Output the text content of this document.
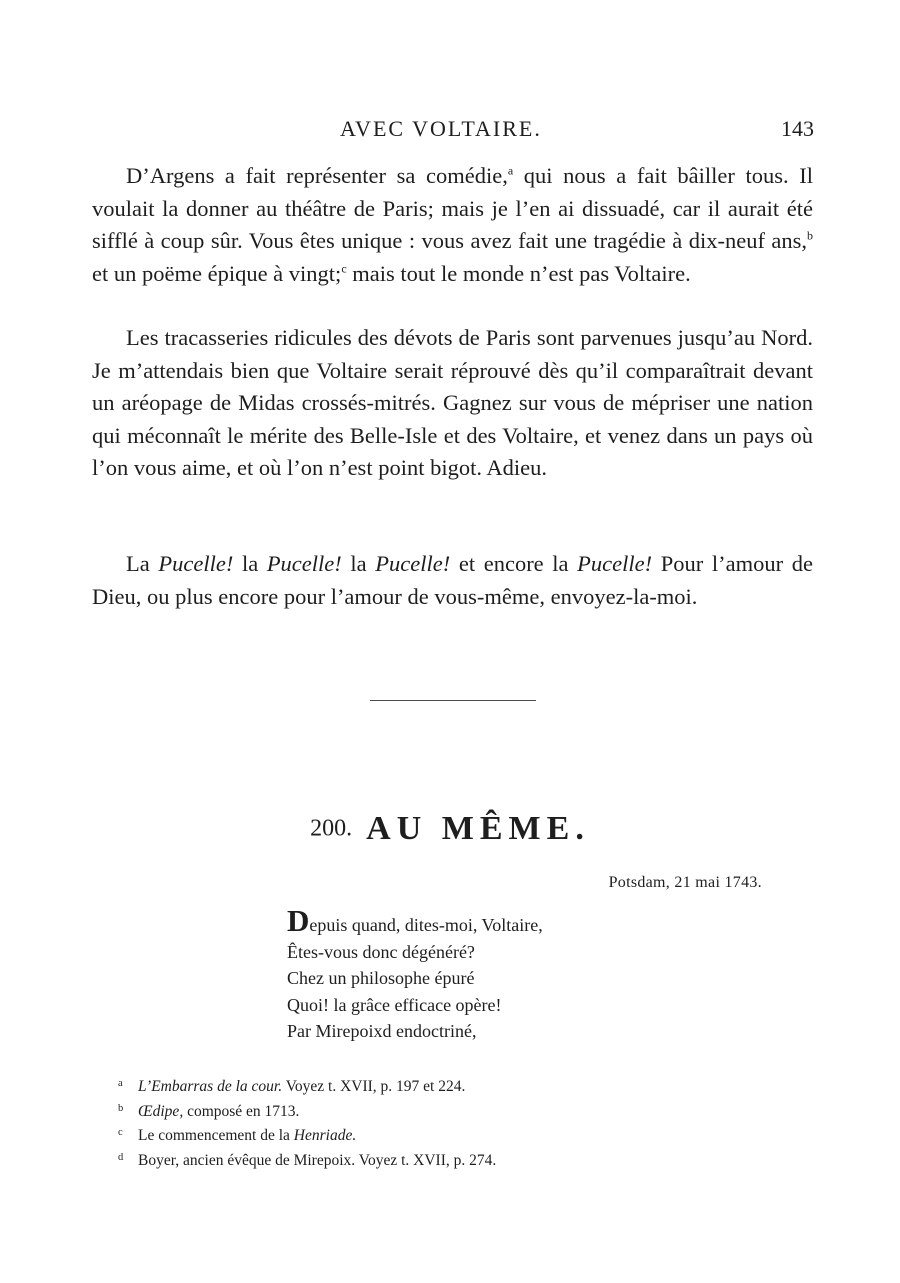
AVEC VOLTAIRE.	143

D’Argens a fait représenter sa comédie,$^a$ qui nous a fait bâiller tous. Il voulait la donner au théâtre de Paris; mais je l’en ai dissuadé, car il aurait été sifflé à coup sûr. Vous êtes unique : vous avez fait une tragédie à dix-neuf ans,$^b$ et un poëme épique à vingt;$^c$ mais tout le monde n’est pas Voltaire.

Les tracasseries ridicules des dévots de Paris sont parvenues jusqu’au Nord. Je m’attendais bien que Voltaire serait réprouvé dès qu’il comparaîtrait devant un aréopage de Midas crossés-mitrés. Gagnez sur vous de mépriser une nation qui méconnaît le mérite des Belle-Isle et des Voltaire, et venez dans un pays où l’on vous aime, et où l’on n’est point bigot. Adieu.

La Pucelle! la Pucelle! la Pucelle! et encore la Pucelle! Pour l’amour de Dieu, ou plus encore pour l’amour de vous-même, envoyez-la-moi.

200. AU MÊME.
Potsdam, 21 mai 1743.
Depuis quand, dites-moi, Voltaire,
Êtes-vous donc dégénéré?
Chez un philosophe épuré
Quoi! la grâce efficace opère!
Par Mirepoixd endoctriné,
a L’Embarras de la cour. Voyez t. XVII, p. 197 et 224.
b Œdipe, composé en 1713.
c Le commencement de la Henriade.
d Boyer, ancien évêque de Mirepoix. Voyez t. XVII, p. 274.
